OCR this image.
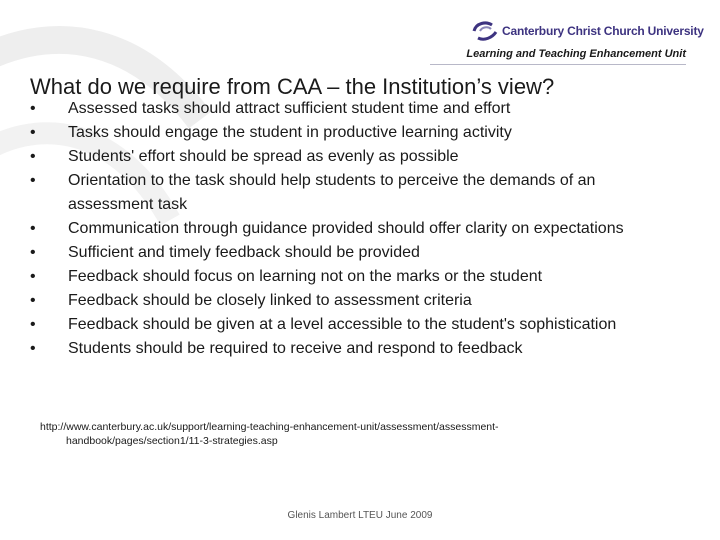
Canterbury Christ Church University
Learning and Teaching Enhancement Unit
What do we require from CAA – the Institution’s view?
• Assessed tasks should attract sufficient student time and effort
• Tasks should engage the student in productive learning activity
• Students' effort should be spread as evenly as possible
• Orientation to the task should help students to perceive the demands of an assessment task
• Communication through guidance provided should offer clarity on expectations
• Sufficient and timely feedback should be provided
• Feedback should focus on learning not on the marks or the student
• Feedback should be closely linked to assessment criteria
• Feedback should be given at a level accessible to the student's sophistication
• Students should be required to receive and respond to feedback
http://www.canterbury.ac.uk/support/learning-teaching-enhancement-unit/assessment/assessment-
handbook/pages/section1/11-3-strategies.asp
Glenis Lambert LTEU June 2009
